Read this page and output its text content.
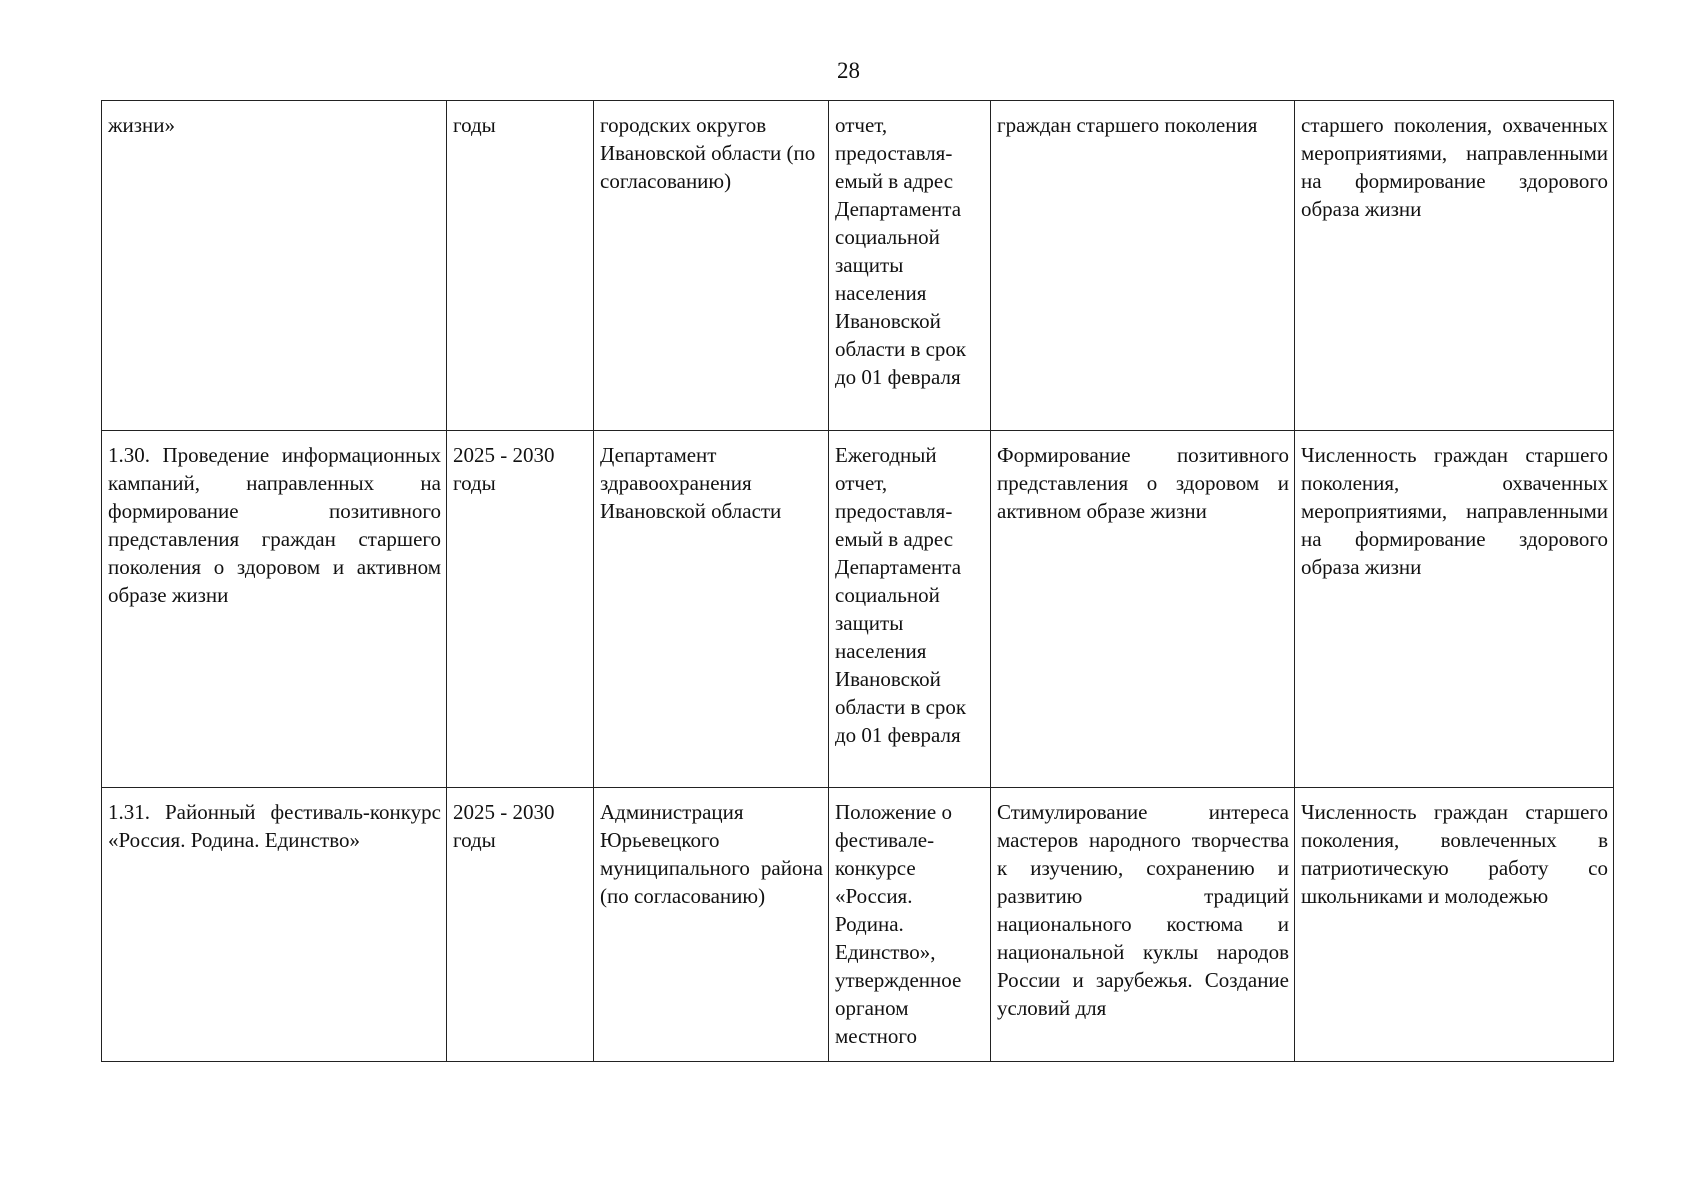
28
жизни»	годы	городских округов Ивановской области (по согласованию)	отчет, предоставля-емый в адрес Департамента социальной защиты населения Ивановской области в срок до 01 февраля	граждан старшего поколения	старшего поколения, охваченных мероприятиями, направленными на формирование здорового образа жизни

1.30. Проведение информационных кампаний, направленных на формирование позитивного представления граждан старшего поколения о здоровом и активном образе жизни	2025 - 2030 годы	Департамент здравоохранения Ивановской области	Ежегодный отчет, предоставля-емый в адрес Департамента социальной защиты населения Ивановской области в срок до 01 февраля	Формирование позитивного представления о здоровом и активном образе жизни	Численность граждан старшего поколения, охваченных мероприятиями, направленными на формирование здорового образа жизни

1.31. Районный фестиваль-конкурс «Россия. Родина. Единство»	2025 - 2030 годы	Администрация Юрьевецкого муниципального района (по согласованию)	Положение о фестивале-конкурсе «Россия. Родина. Единство», утвержденное органом местного	Стимулирование интереса мастеров народного творчества к изучению, сохранению и развитию традиций национального костюма и национальной куклы народов России и зарубежья. Создание условий для	Численность граждан старшего поколения, вовлеченных в патриотическую работу со школьниками и молодежью
